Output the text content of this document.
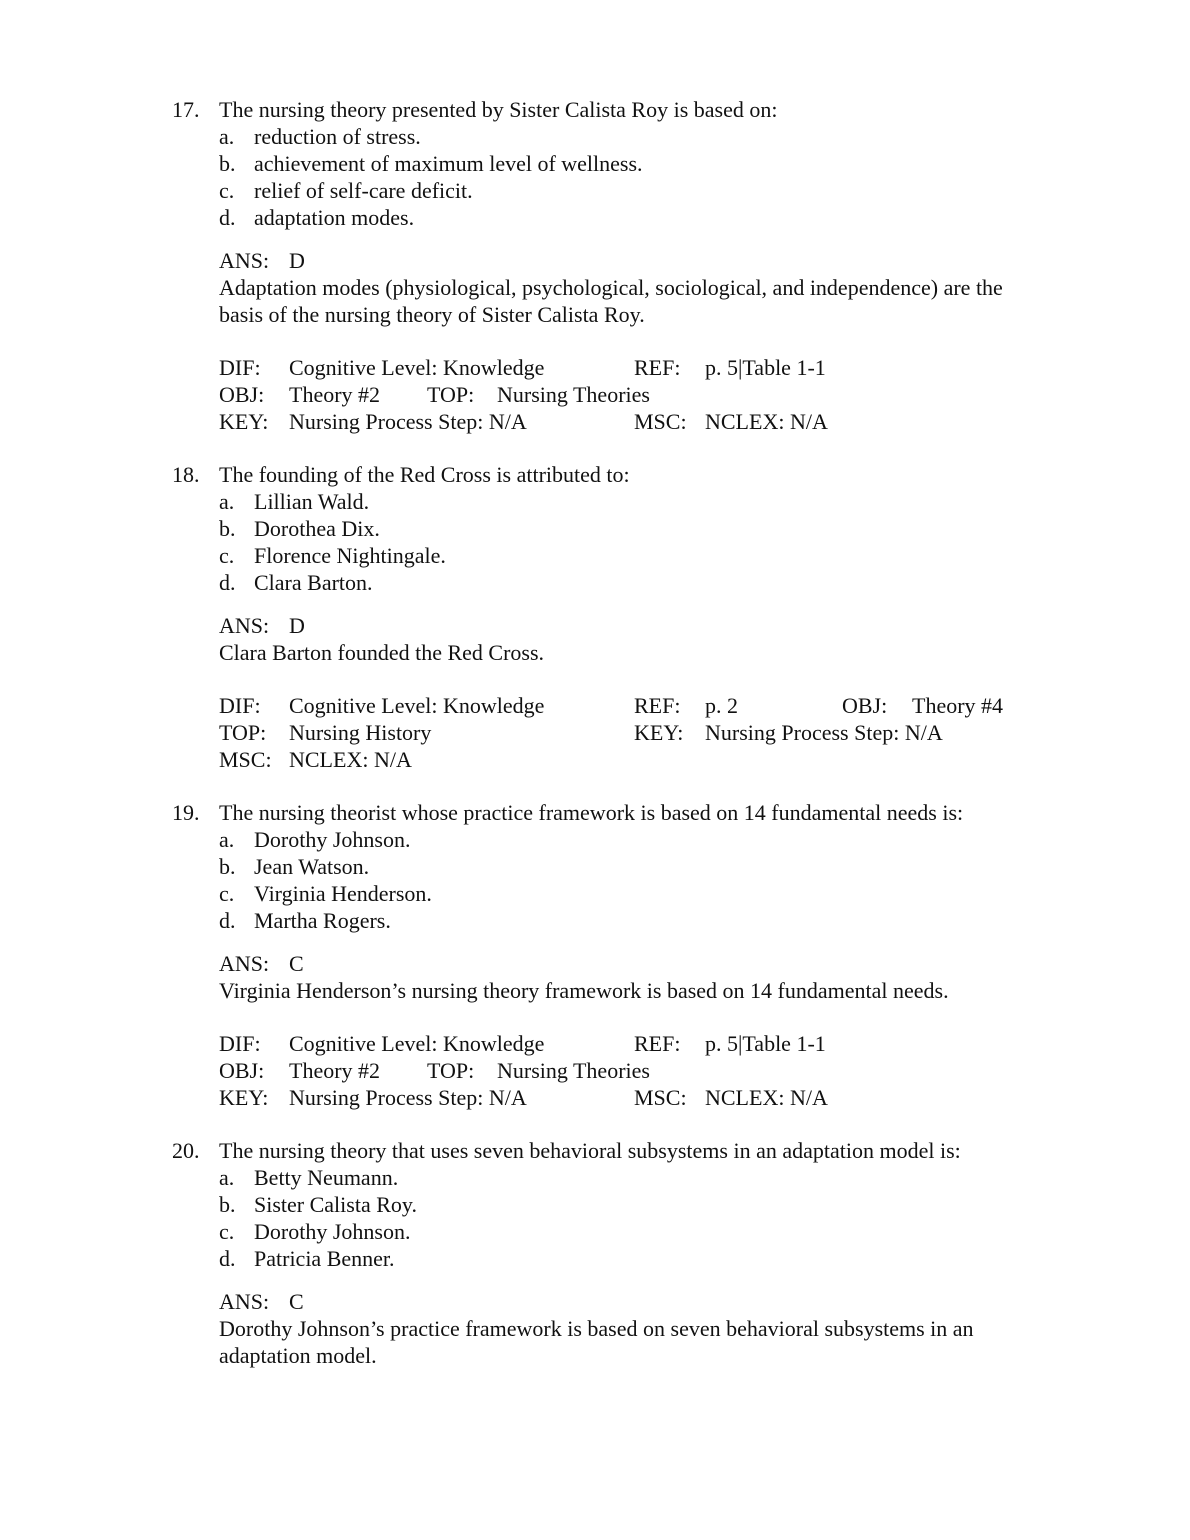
17. The nursing theory presented by Sister Calista Roy is based on:
a. reduction of stress.
b. achievement of maximum level of wellness.
c. relief of self-care deficit.
d. adaptation modes.
ANS: D
Adaptation modes (physiological, psychological, sociological, and independence) are the
basis of the nursing theory of Sister Calista Roy.
DIF: Cognitive Level: Knowledge	REF: p. 5|Table 1-1
OBJ: Theory #2 TOP: Nursing Theories
KEY: Nursing Process Step: N/A	MSC: NCLEX: N/A
18. The founding of the Red Cross is attributed to:
a. Lillian Wald.
b. Dorothea Dix.
c. Florence Nightingale.
d. Clara Barton.
ANS: D
Clara Barton founded the Red Cross.
DIF: Cognitive Level: Knowledge	REF: p. 2	OBJ: Theory #4
TOP: Nursing History	KEY: Nursing Process Step: N/A
MSC: NCLEX: N/A
19. The nursing theorist whose practice framework is based on 14 fundamental needs is:
a. Dorothy Johnson.
b. Jean Watson.
c. Virginia Henderson.
d. Martha Rogers.
ANS: C
Virginia Henderson’s nursing theory framework is based on 14 fundamental needs.
DIF: Cognitive Level: Knowledge	REF: p. 5|Table 1-1
OBJ: Theory #2 TOP: Nursing Theories
KEY: Nursing Process Step: N/A	MSC: NCLEX: N/A
20. The nursing theory that uses seven behavioral subsystems in an adaptation model is:
a. Betty Neumann.
b. Sister Calista Roy.
c. Dorothy Johnson.
d. Patricia Benner.
ANS: C
Dorothy Johnson’s practice framework is based on seven behavioral subsystems in an
adaptation model.
